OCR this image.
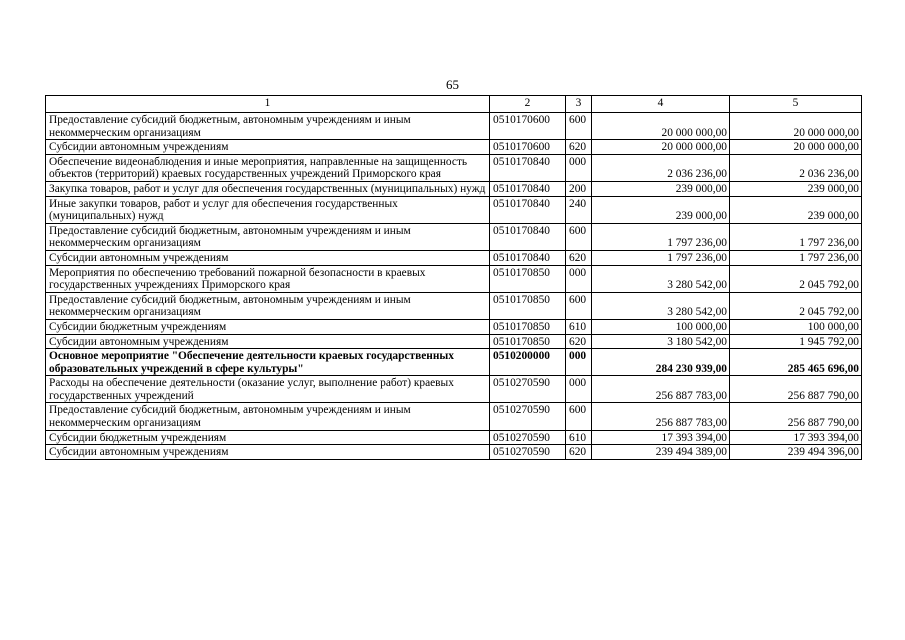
65
1	2	3	4	5
Предоставление субсидий бюджетным, автономным учреждениям и иным некоммерческим организациям	0510170600	600	20 000 000,00	20 000 000,00
Субсидии автономным учреждениям	0510170600	620	20 000 000,00	20 000 000,00
Обеспечение видеонаблюдения и иные мероприятия, направленные на защищенность объектов (территорий) краевых государственных учреждений Приморского края	0510170840	000	2 036 236,00	2 036 236,00
Закупка товаров, работ и услуг для обеспечения государственных (муниципальных) нужд	0510170840	200	239 000,00	239 000,00
Иные закупки товаров, работ и услуг для обеспечения государственных (муниципальных) нужд	0510170840	240	239 000,00	239 000,00
Предоставление субсидий бюджетным, автономным учреждениям и иным некоммерческим организациям	0510170840	600	1 797 236,00	1 797 236,00
Субсидии автономным учреждениям	0510170840	620	1 797 236,00	1 797 236,00
Мероприятия по обеспечению требований пожарной безопасности в краевых государственных учреждениях Приморского края	0510170850	000	3 280 542,00	2 045 792,00
Предоставление субсидий бюджетным, автономным учреждениям и иным некоммерческим организациям	0510170850	600	3 280 542,00	2 045 792,00
Субсидии бюджетным учреждениям	0510170850	610	100 000,00	100 000,00
Субсидии автономным учреждениям	0510170850	620	3 180 542,00	1 945 792,00
Основное мероприятие "Обеспечение деятельности краевых государственных образовательных учреждений в сфере культуры"	0510200000	000	284 230 939,00	285 465 696,00
Расходы на обеспечение деятельности (оказание услуг, выполнение работ) краевых государственных учреждений	0510270590	000	256 887 783,00	256 887 790,00
Предоставление субсидий бюджетным, автономным учреждениям и иным некоммерческим организациям	0510270590	600	256 887 783,00	256 887 790,00
Субсидии бюджетным учреждениям	0510270590	610	17 393 394,00	17 393 394,00
Субсидии автономным учреждениям	0510270590	620	239 494 389,00	239 494 396,00
